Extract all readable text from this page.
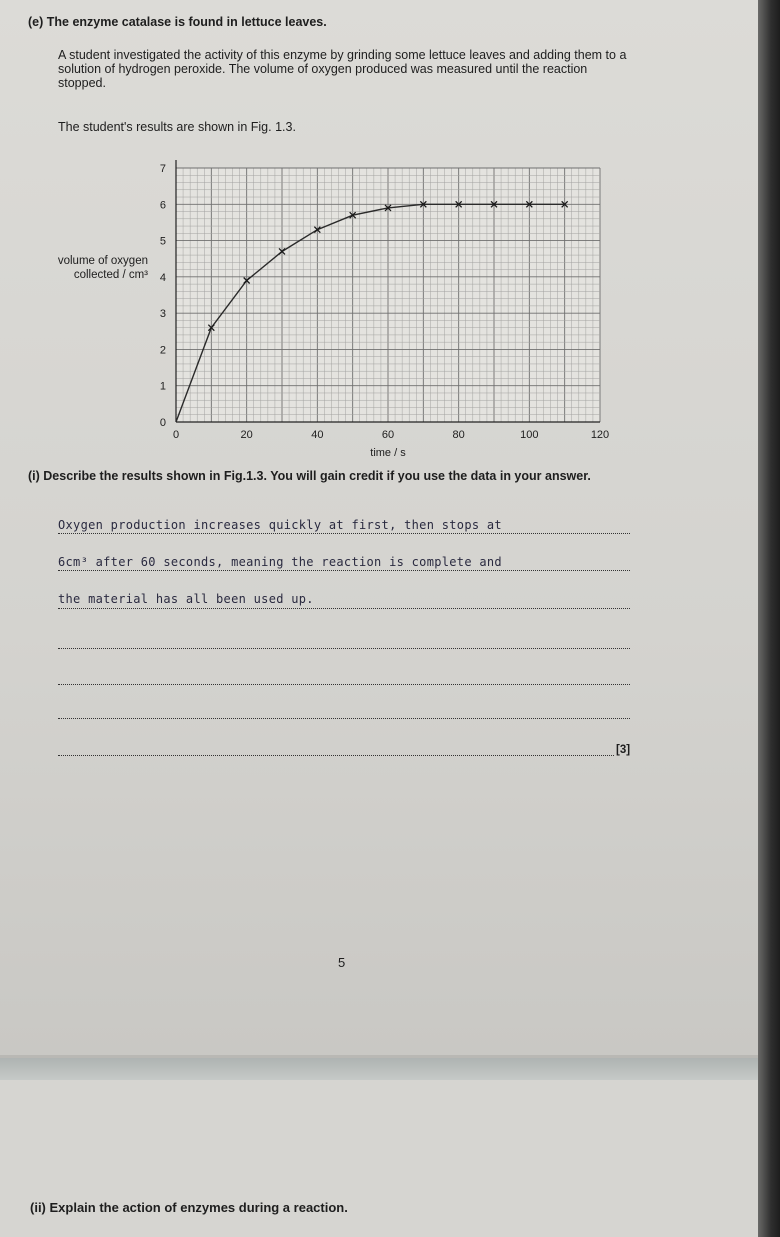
(e) The enzyme catalase is found in lettuce leaves.
A student investigated the activity of this enzyme by grinding some lettuce leaves and adding them to a solution of hydrogen peroxide. The volume of oxygen produced was measured until the reaction stopped.
The student's results are shown in Fig. 1.3.
volume of oxygen collected / cm³
0	20	40	60	80	100	120
0
1
2
3
4
5
6
7
time / s
(i) Describe the results shown in Fig.1.3. You will gain credit if you use the data in your answer.
Oxygen production increases quickly at first, then stops at
6cm³ after 60 seconds, meaning the reaction is complete and
the material has all been used up.
[3]
5
(ii) Explain the action of enzymes during a reaction.
